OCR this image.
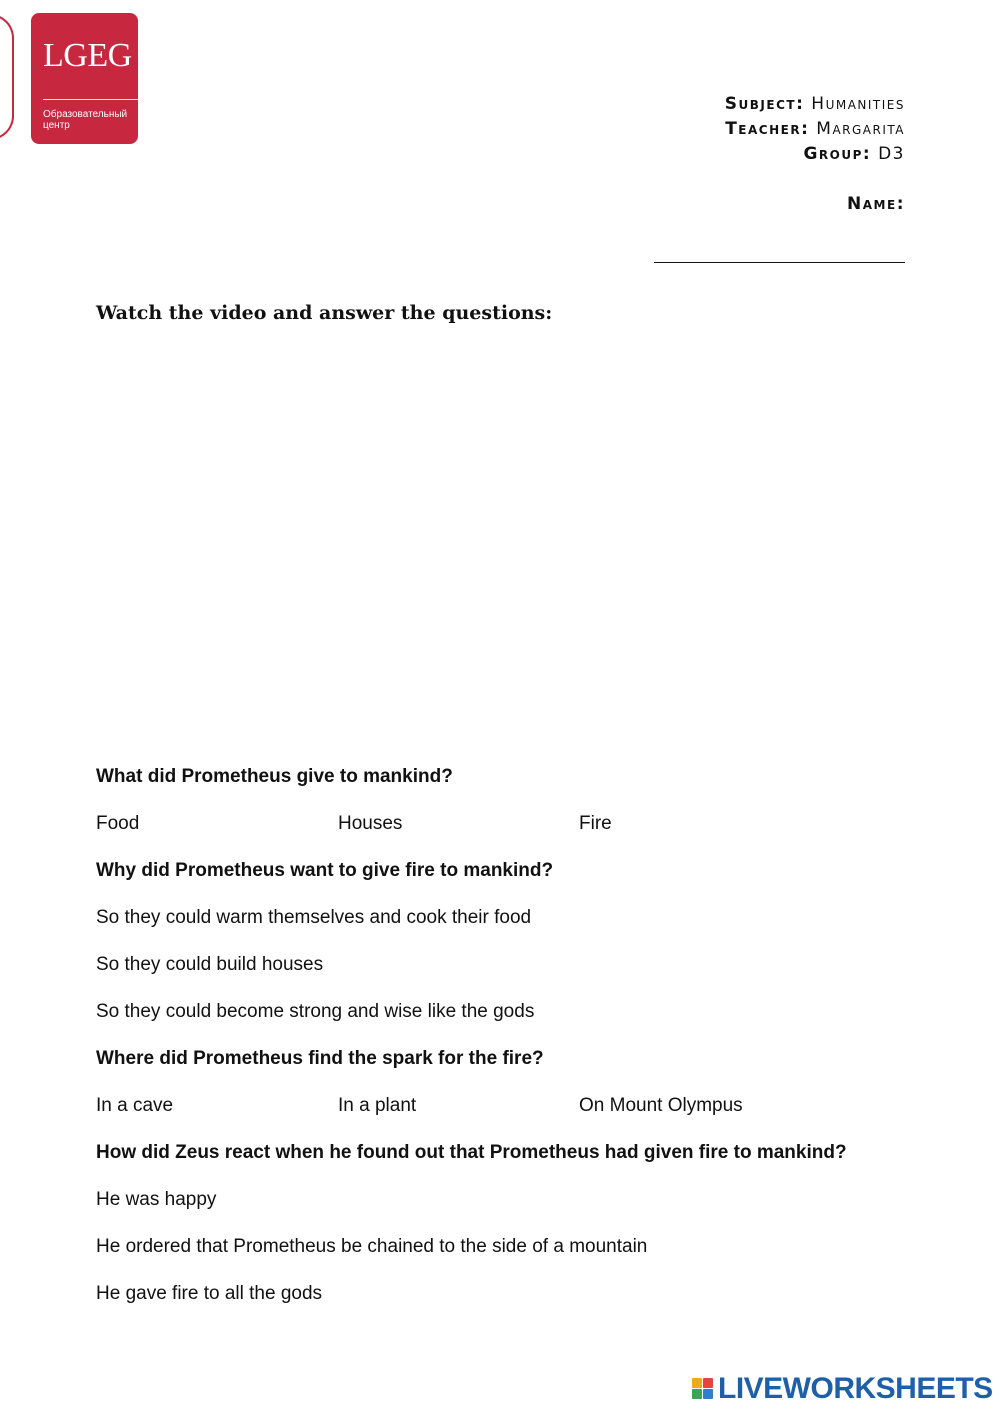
LGEG
Образовательный центр
Subject: Humanities
Teacher: Margarita
Group: D3
Name:
Watch the video and answer the questions:
What did Prometheus give to mankind?
Food	Houses	Fire
Why did Prometheus want to give fire to mankind?
So they could warm themselves and cook their food
So they could build houses
So they could become strong and wise like the gods
Where did Prometheus find the spark for the fire?
In a cave	In a plant	On Mount Olympus
How did Zeus react when he found out that Prometheus had given fire to mankind?
He was happy
He ordered that Prometheus be chained to the side of a mountain
He gave fire to all the gods
LIVEWORKSHEETS
